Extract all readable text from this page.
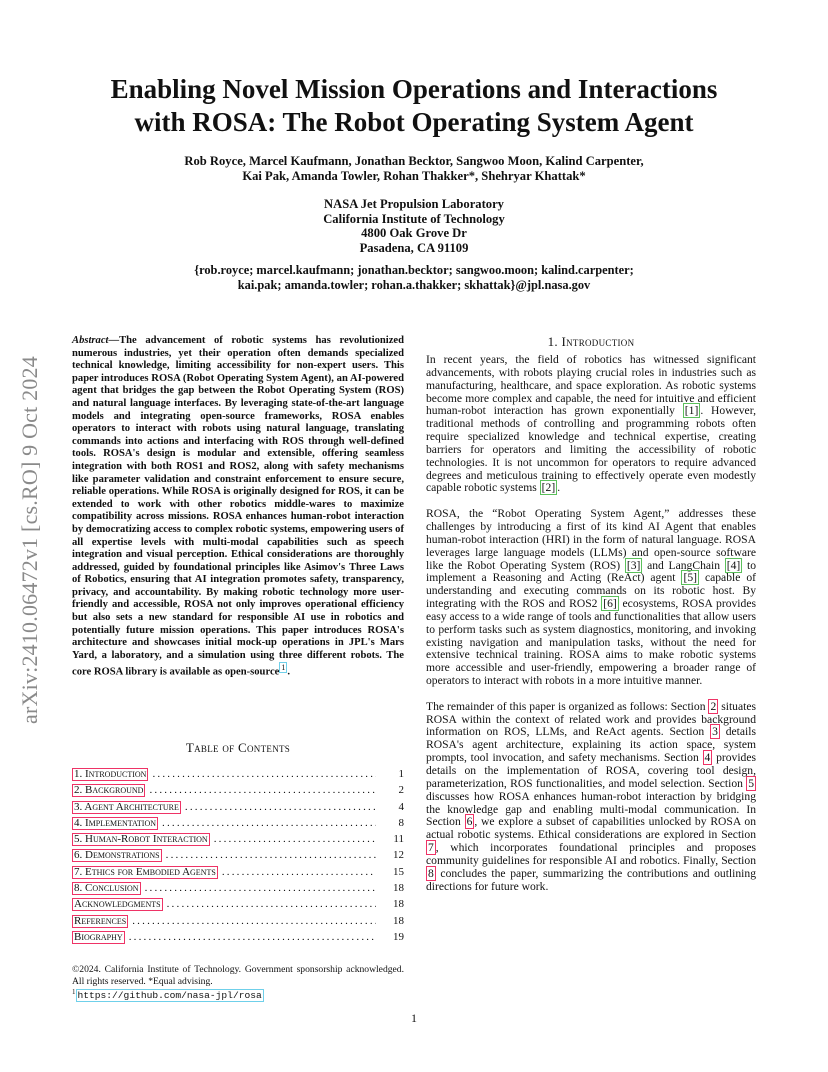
arXiv:2410.06472v1 [cs.RO] 9 Oct 2024
Enabling Novel Mission Operations and Interactions
with ROSA: The Robot Operating System Agent
Rob Royce, Marcel Kaufmann, Jonathan Becktor, Sangwoo Moon, Kalind Carpenter,
Kai Pak, Amanda Towler, Rohan Thakker*, Shehryar Khattak*
NASA Jet Propulsion Laboratory
California Institute of Technology
4800 Oak Grove Dr
Pasadena, CA 91109
{rob.royce; marcel.kaufmann; jonathan.becktor; sangwoo.moon; kalind.carpenter;
kai.pak; amanda.towler; rohan.a.thakker; skhattak}@jpl.nasa.gov
Abstract—The advancement of robotic systems has revolutionized numerous industries, yet their operation often demands specialized technical knowledge, limiting accessibility for non-expert users. This paper introduces ROSA (Robot Operating System Agent), an AI-powered agent that bridges the gap between the Robot Operating System (ROS) and natural language interfaces. By leveraging state-of-the-art language models and integrating open-source frameworks, ROSA enables operators to interact with robots using natural language, translating commands into actions and interfacing with ROS through well-defined tools. ROSA's design is modular and extensible, offering seamless integration with both ROS1 and ROS2, along with safety mechanisms like parameter validation and constraint enforcement to ensure secure, reliable operations. While ROSA is originally designed for ROS, it can be extended to work with other robotics middle-wares to maximize compatibility across missions. ROSA enhances human-robot interaction by democratizing access to complex robotic systems, empowering users of all expertise levels with multi-modal capabilities such as speech integration and visual perception. Ethical considerations are thoroughly addressed, guided by foundational principles like Asimov's Three Laws of Robotics, ensuring that AI integration promotes safety, transparency, privacy, and accountability. By making robotic technology more user-friendly and accessible, ROSA not only improves operational efficiency but also sets a new standard for responsible AI use in robotics and potentially future mission operations. This paper introduces ROSA's architecture and showcases initial mock-up operations in JPL's Mars Yard, a laboratory, and a simulation using three different robots. The core ROSA library is available as open-source $^1$ .
Table of Contents
1. Introduction .....	1
2. Background .....	2
3. Agent Architecture .....	4
4. Implementation .....	8
5. Human-Robot Interaction .....	11
6. Demonstrations .....	12
7. Ethics for Embodied Agents .....	15
8. Conclusion .....	18
Acknowledgments .....	18
References .....	18
Biography .....	19
©2024. California Institute of Technology. Government sponsorship acknowledged. All rights reserved. *Equal advising.
$^1$ https://github.com/nasa-jpl/rosa
1. Introduction

In recent years, the field of robotics has witnessed significant advancements, with robots playing crucial roles in industries such as manufacturing, healthcare, and space exploration. As robotic systems become more complex and capable, the need for intuitive and efficient human-robot interaction has grown exponentially [1] . However, traditional methods of controlling and programming robots often require specialized knowledge and technical expertise, creating barriers for operators and limiting the accessibility of robotic technologies. It is not uncommon for operators to require advanced degrees and meticulous training to effectively operate even modestly capable robotic systems [2] .

ROSA, the “Robot Operating System Agent,” addresses these challenges by introducing a first of its kind AI Agent that enables human-robot interaction (HRI) in the form of natural language. ROSA leverages large language models (LLMs) and open-source software like the Robot Operating System (ROS) [3] and LangChain [4] to implement a Reasoning and Acting (ReAct) agent [5] capable of understanding and executing commands on its robotic host. By integrating with the ROS and ROS2 [6] ecosystems, ROSA provides easy access to a wide range of tools and functionalities that allow users to perform tasks such as system diagnostics, monitoring, and invoking existing navigation and manipulation tasks, without the need for extensive technical training. ROSA aims to make robotic systems more accessible and user-friendly, empowering a broader range of operators to interact with robots in a more intuitive manner.

The remainder of this paper is organized as follows: Section 2 situates ROSA within the context of related work and provides background information on ROS, LLMs, and ReAct agents. Section 3 details ROSA's agent architecture, explaining its action space, system prompts, tool invocation, and safety mechanisms. Section 4 provides details on the implementation of ROSA, covering tool design, parameterization, ROS functionalities, and model selection. Section 5 discusses how ROSA enhances human-robot interaction by bridging the knowledge gap and enabling multi-modal communication. In Section 6 , we explore a subset of capabilities unlocked by ROSA on actual robotic systems. Ethical considerations are explored in Section 7 , which incorporates foundational principles and proposes community guidelines for responsible AI and robotics. Finally, Section 8 concludes the paper, summarizing the contributions and outlining directions for future work.

1
